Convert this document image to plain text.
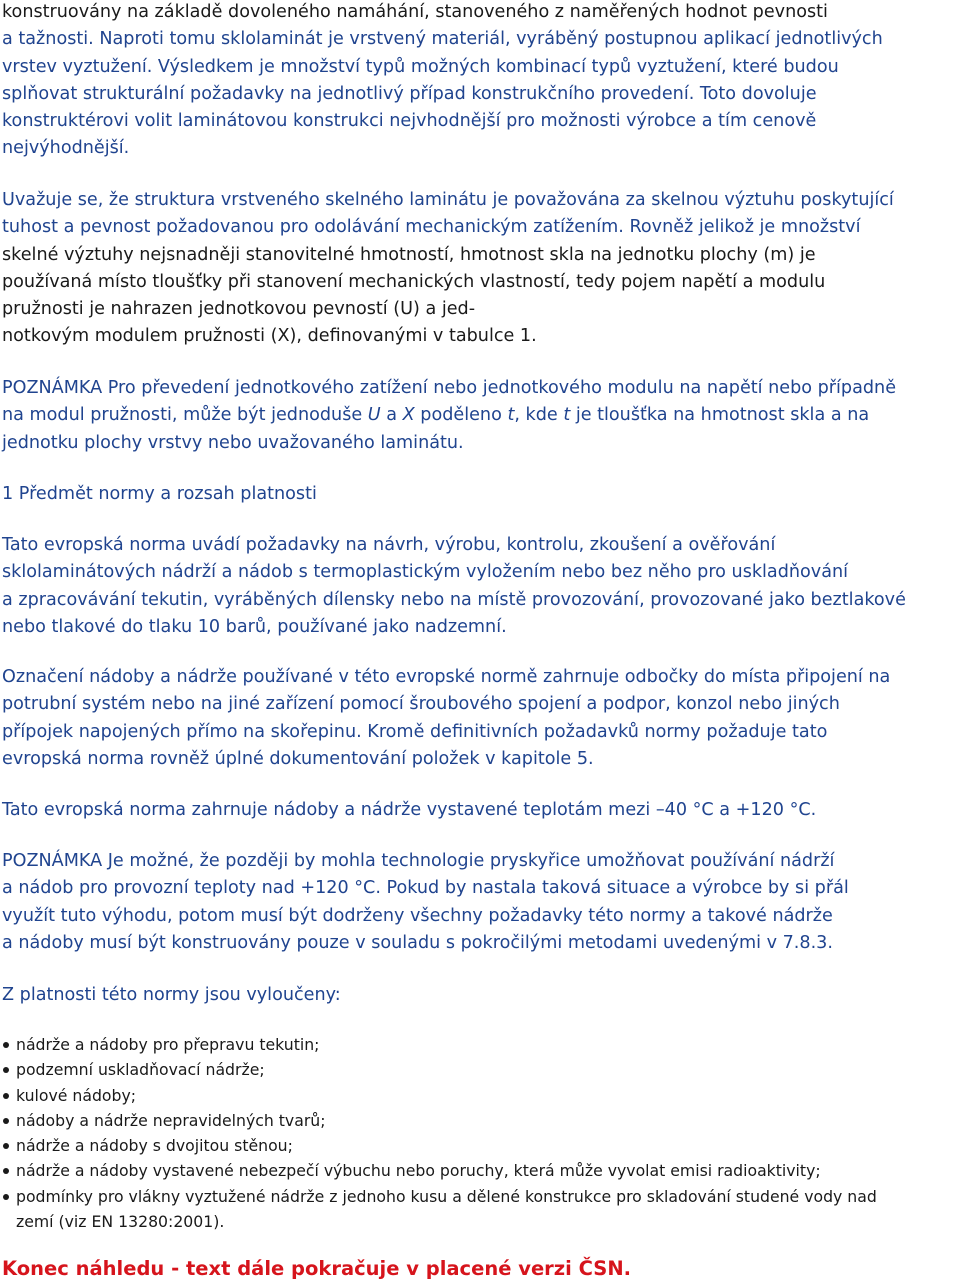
konstruovány na základě dovoleného namáhání, stanoveného z naměřených hodnot pevnosti
a tažnosti. Naproti tomu sklolaminát je vrstvený materiál, vyráběný postupnou aplikací jednotlivých
vrstev vyztužení. Výsledkem je množství typů možných kombinací typů vyztužení, které budou
splňovat strukturální požadavky na jednotlivý případ konstrukčního provedení. Toto dovoluje
konstruktérovi volit laminátovou konstrukci nejvhodnější pro možnosti výrobce a tím cenově
nejvýhodnější.
Uvažuje se, že struktura vrstveného skelného laminátu je považována za skelnou výztuhu poskytující
tuhost a pevnost požadovanou pro odolávání mechanickým zatížením. Rovněž jelikož je množství
skelné výztuhy nejsnadněji stanovitelné hmotností, hmotnost skla na jednotku plochy (m) je
používaná místo tloušťky při stanovení mechanických vlastností, tedy pojem napětí a modulu
pružnosti je nahrazen jednotkovou pevností (U) a jed-
notkovým modulem pružnosti (X), definovanými v tabulce 1.
POZNÁMKA Pro převedení jednotkového zatížení nebo jednotkového modulu na napětí nebo případně
na modul pružnosti, může být jednoduše U a X poděleno t, kde t je tloušťka na hmotnost skla a na
jednotku plochy vrstvy nebo uvažovaného laminátu.
1 Předmět normy a rozsah platnosti
Tato evropská norma uvádí požadavky na návrh, výrobu, kontrolu, zkoušení a ověřování
sklolaminátových nádrží a nádob s termoplastickým vyložením nebo bez něho pro uskladňování
a zpracovávání tekutin, vyráběných dílensky nebo na místě provozování, provozované jako beztlakové
nebo tlakové do tlaku 10 barů, používané jako nadzemní.
Označení nádoby a nádrže používané v této evropské normě zahrnuje odbočky do místa připojení na
potrubní systém nebo na jiné zařízení pomocí šroubového spojení a podpor, konzol nebo jiných
přípojek napojených přímo na skořepinu. Kromě definitivních požadavků normy požaduje tato
evropská norma rovněž úplné dokumentování položek v kapitole 5.
Tato evropská norma zahrnuje nádoby a nádrže vystavené teplotám mezi –40 °C a +120 °C.
POZNÁMKA Je možné, že později by mohla technologie pryskyřice umožňovat používání nádrží
a nádob pro provozní teploty nad +120 °C. Pokud by nastala taková situace a výrobce by si přál
využít tuto výhodu, potom musí být dodrženy všechny požadavky této normy a takové nádrže
a nádoby musí být konstruovány pouze v souladu s pokročilými metodami uvedenými v 7.8.3.
Z platnosti této normy jsou vyloučeny:
nádrže a nádoby pro přepravu tekutin;
podzemní uskladňovací nádrže;
kulové nádoby;
nádoby a nádrže nepravidelných tvarů;
nádrže a nádoby s dvojitou stěnou;
nádrže a nádoby vystavené nebezpečí výbuchu nebo poruchy, která může vyvolat emisi radioaktivity;
podmínky pro vlákny vyztužené nádrže z jednoho kusu a dělené konstrukce pro skladování studené vody nad
zemí (viz EN 13280:2001).
Konec náhledu - text dále pokračuje v placené verzi ČSN.
